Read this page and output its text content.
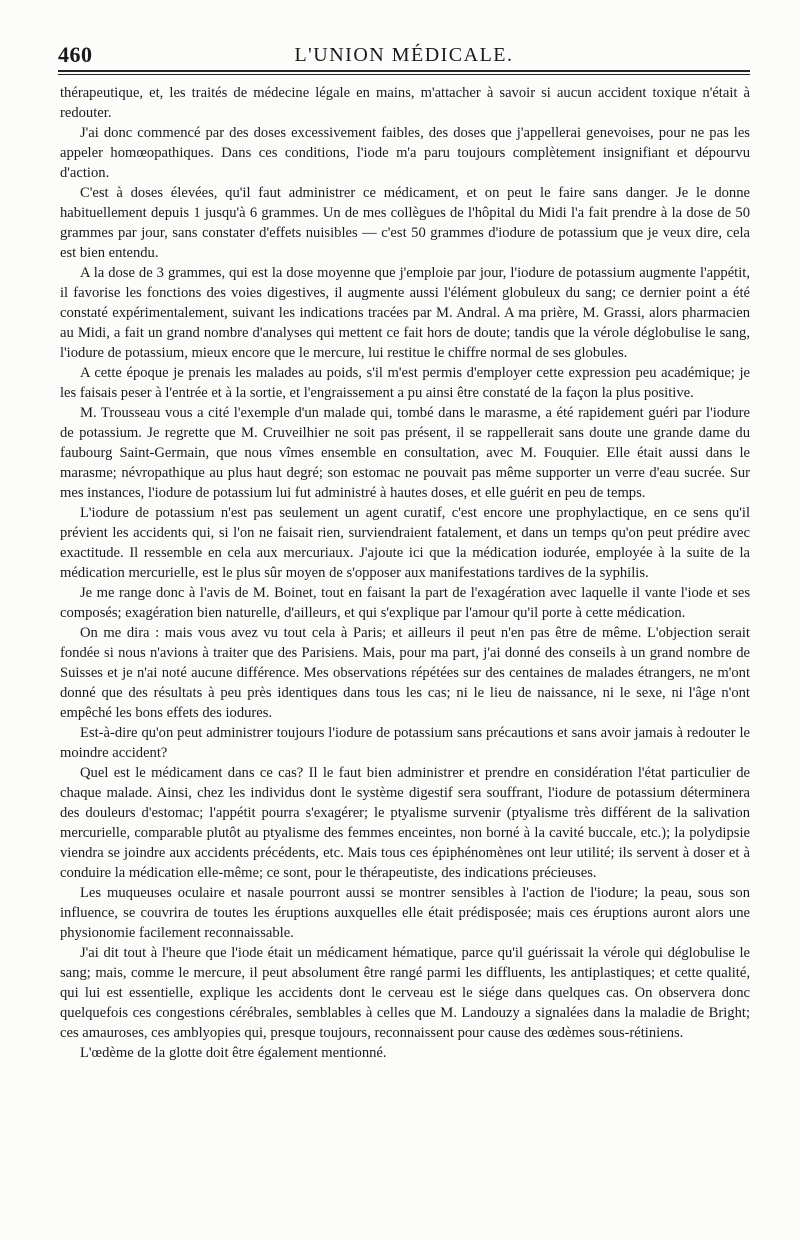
460	L'UNION MÉDICALE.

thérapeutique, et, les traités de médecine légale en mains, m'attacher à savoir si aucun accident toxique n'était à redouter.

J'ai donc commencé par des doses excessivement faibles, des doses que j'appellerai genevoises, pour ne pas les appeler homœopathiques. Dans ces conditions, l'iode m'a paru toujours complètement insignifiant et dépourvu d'action.

C'est à doses élevées, qu'il faut administrer ce médicament, et on peut le faire sans danger. Je le donne habituellement depuis 1 jusqu'à 6 grammes. Un de mes collègues de l'hôpital du Midi l'a fait prendre à la dose de 50 grammes par jour, sans constater d'effets nuisibles — c'est 50 grammes d'iodure de potassium que je veux dire, cela est bien entendu.

A la dose de 3 grammes, qui est la dose moyenne que j'emploie par jour, l'iodure de potassium augmente l'appétit, il favorise les fonctions des voies digestives, il augmente aussi l'élément globuleux du sang; ce dernier point a été constaté expérimentalement, suivant les indications tracées par M. Andral. A ma prière, M. Grassi, alors pharmacien au Midi, a fait un grand nombre d'analyses qui mettent ce fait hors de doute; tandis que la vérole déglobulise le sang, l'iodure de potassium, mieux encore que le mercure, lui restitue le chiffre normal de ses globules.

A cette époque je prenais les malades au poids, s'il m'est permis d'employer cette expression peu académique; je les faisais peser à l'entrée et à la sortie, et l'engraissement a pu ainsi être constaté de la façon la plus positive.

M. Trousseau vous a cité l'exemple d'un malade qui, tombé dans le marasme, a été rapidement guéri par l'iodure de potassium. Je regrette que M. Cruveilhier ne soit pas présent, il se rappellerait sans doute une grande dame du faubourg Saint-Germain, que nous vîmes ensemble en consultation, avec M. Fouquier. Elle était aussi dans le marasme; névropathique au plus haut degré; son estomac ne pouvait pas même supporter un verre d'eau sucrée. Sur mes instances, l'iodure de potassium lui fut administré à hautes doses, et elle guérit en peu de temps.

L'iodure de potassium n'est pas seulement un agent curatif, c'est encore une prophylactique, en ce sens qu'il prévient les accidents qui, si l'on ne faisait rien, surviendraient fatalement, et dans un temps qu'on peut prédire avec exactitude. Il ressemble en cela aux mercuriaux. J'ajoute ici que la médication iodurée, employée à la suite de la médication mercurielle, est le plus sûr moyen de s'opposer aux manifestations tardives de la syphilis.

Je me range donc à l'avis de M. Boinet, tout en faisant la part de l'exagération avec laquelle il vante l'iode et ses composés; exagération bien naturelle, d'ailleurs, et qui s'explique par l'amour qu'il porte à cette médication.

On me dira : mais vous avez vu tout cela à Paris; et ailleurs il peut n'en pas être de même. L'objection serait fondée si nous n'avions à traiter que des Parisiens. Mais, pour ma part, j'ai donné des conseils à un grand nombre de Suisses et je n'ai noté aucune différence. Mes observations répétées sur des centaines de malades étrangers, ne m'ont donné que des résultats à peu près identiques dans tous les cas; ni le lieu de naissance, ni le sexe, ni l'âge n'ont empêché les bons effets des iodures.

Est-à-dire qu'on peut administrer toujours l'iodure de potassium sans précautions et sans avoir jamais à redouter le moindre accident?

Quel est le médicament dans ce cas? Il le faut bien administrer et prendre en considération l'état particulier de chaque malade. Ainsi, chez les individus dont le système digestif sera souffrant, l'iodure de potassium déterminera des douleurs d'estomac; l'appétit pourra s'exagérer; le ptyalisme survenir (ptyalisme très différent de la salivation mercurielle, comparable plutôt au ptyalisme des femmes enceintes, non borné à la cavité buccale, etc.); la polydipsie viendra se joindre aux accidents précédents, etc. Mais tous ces épiphénomènes ont leur utilité; ils servent à doser et à conduire la médication elle-même; ce sont, pour le thérapeutiste, des indications précieuses.

Les muqueuses oculaire et nasale pourront aussi se montrer sensibles à l'action de l'iodure; la peau, sous son influence, se couvrira de toutes les éruptions auxquelles elle était prédisposée; mais ces éruptions auront alors une physionomie facilement reconnaissable.

J'ai dit tout à l'heure que l'iode était un médicament hématique, parce qu'il guérissait la vérole qui déglobulise le sang; mais, comme le mercure, il peut absolument être rangé parmi les diffluents, les antiplastiques; et cette qualité, qui lui est essentielle, explique les accidents dont le cerveau est le siége dans quelques cas. On observera donc quelquefois ces congestions cérébrales, semblables à celles que M. Landouzy a signalées dans la maladie de Bright; ces amauroses, ces amblyopies qui, presque toujours, reconnaissent pour cause des œdèmes sous-rétiniens.

L'œdème de la glotte doit être également mentionné.
